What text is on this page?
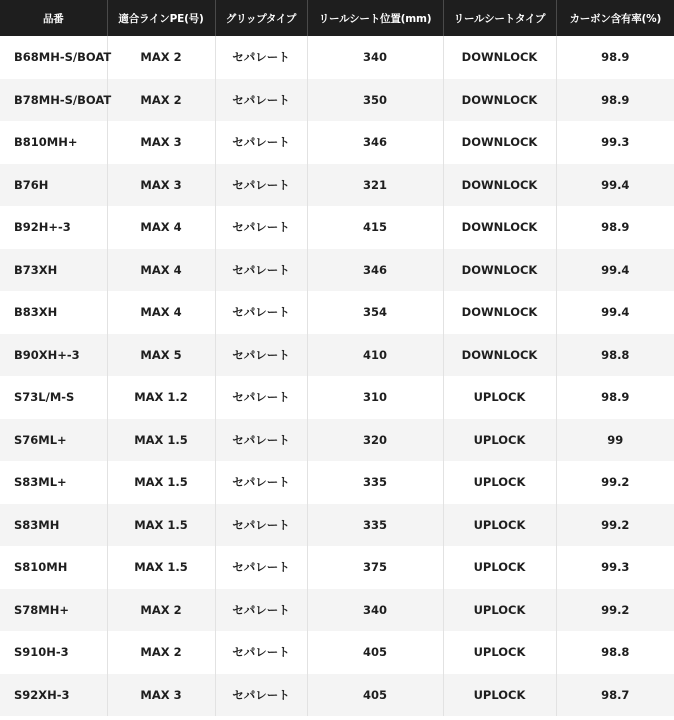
品番	適合ラインPE(号)	グリップタイプ	リールシート位置(mm)	リールシートタイプ	カーボン含有率(%)
B68MH-S/BOAT	MAX 2	セパレート	340	DOWNLOCK	98.9
B78MH-S/BOAT	MAX 2	セパレート	350	DOWNLOCK	98.9
B810MH+	MAX 3	セパレート	346	DOWNLOCK	99.3
B76H	MAX 3	セパレート	321	DOWNLOCK	99.4
B92H+-3	MAX 4	セパレート	415	DOWNLOCK	98.9
B73XH	MAX 4	セパレート	346	DOWNLOCK	99.4
B83XH	MAX 4	セパレート	354	DOWNLOCK	99.4
B90XH+-3	MAX 5	セパレート	410	DOWNLOCK	98.8
S73L/M-S	MAX 1.2	セパレート	310	UPLOCK	98.9
S76ML+	MAX 1.5	セパレート	320	UPLOCK	99
S83ML+	MAX 1.5	セパレート	335	UPLOCK	99.2
S83MH	MAX 1.5	セパレート	335	UPLOCK	99.2
S810MH	MAX 1.5	セパレート	375	UPLOCK	99.3
S78MH+	MAX 2	セパレート	340	UPLOCK	99.2
S910H-3	MAX 2	セパレート	405	UPLOCK	98.8
S92XH-3	MAX 3	セパレート	405	UPLOCK	98.7
